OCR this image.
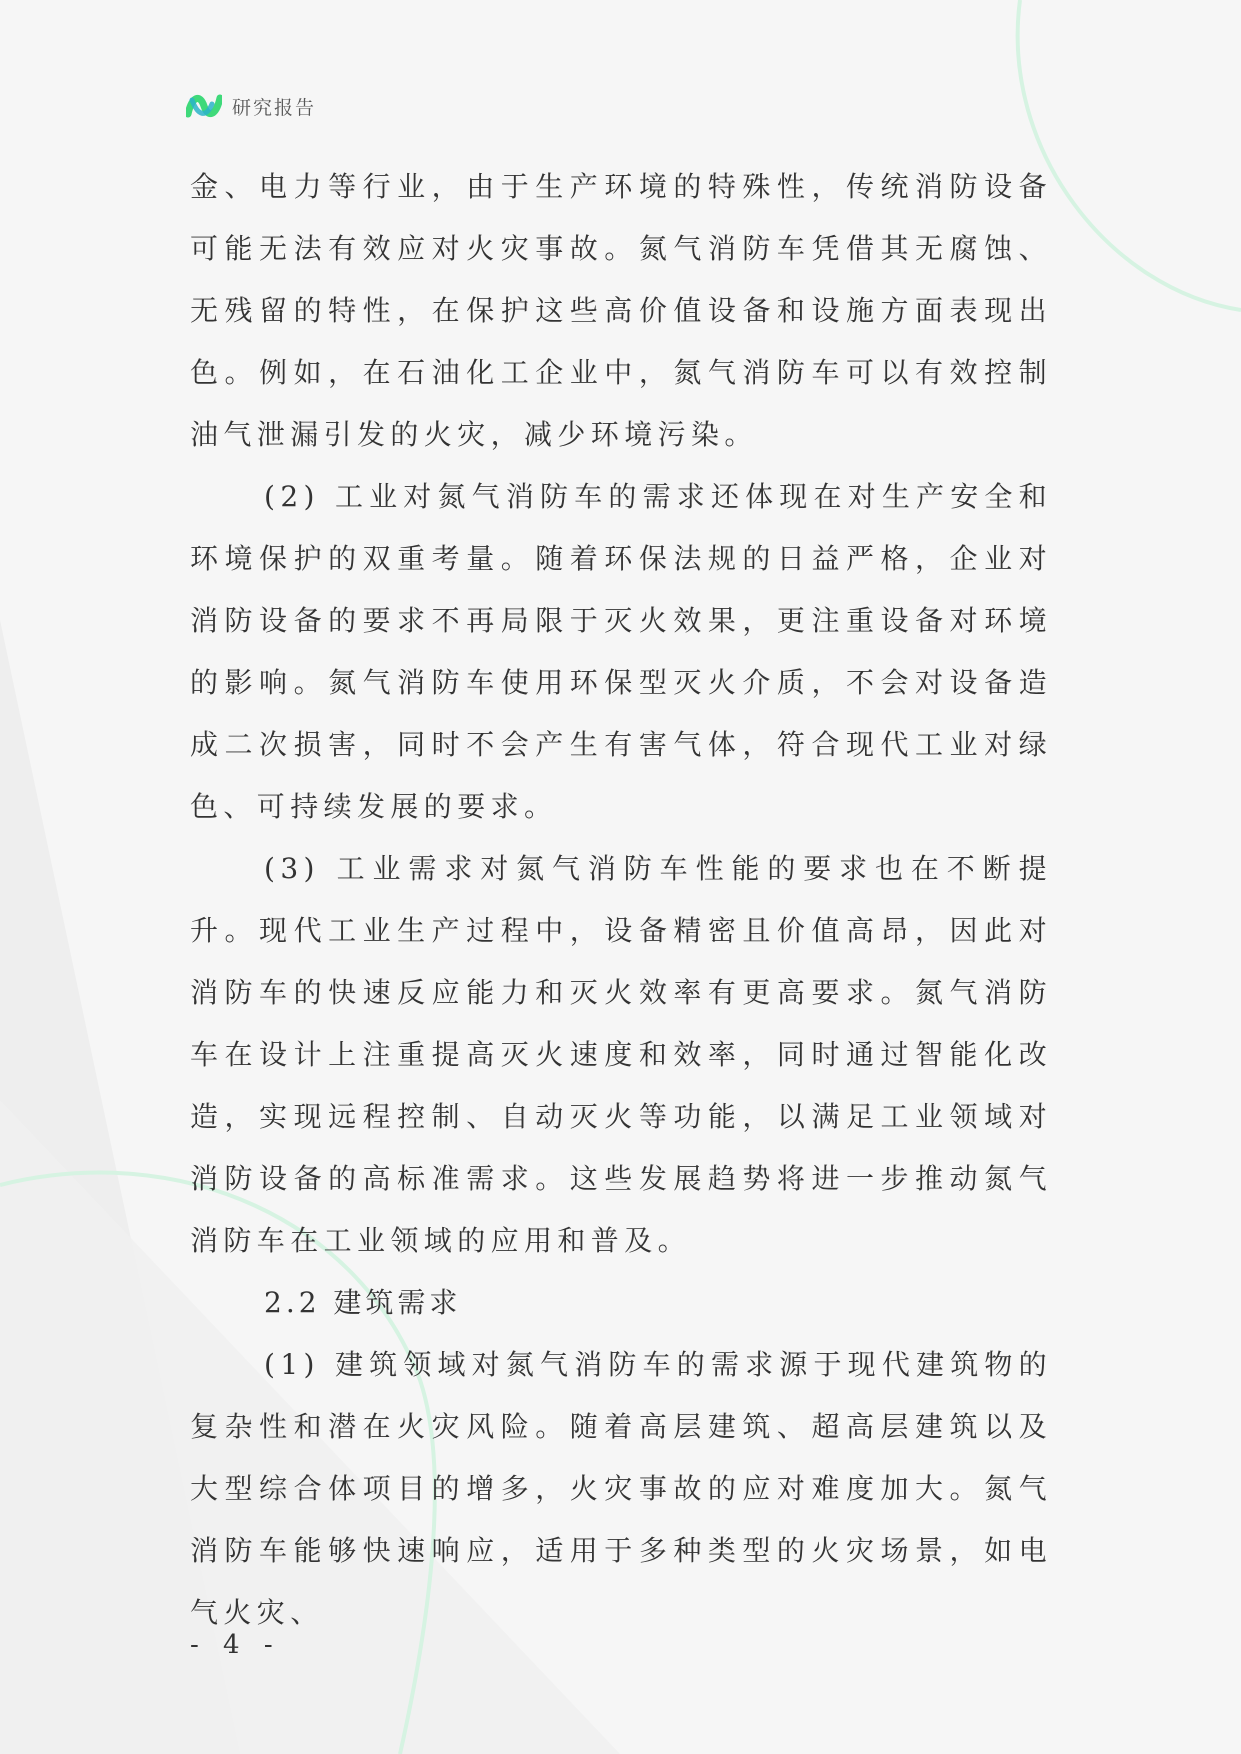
研究报告

金、电力等行业，由于生产环境的特殊性，传统消防设备可能无法有效应对火灾事故。氮气消防车凭借其无腐蚀、无残留的特性，在保护这些高价值设备和设施方面表现出色。例如，在石油化工企业中，氮气消防车可以有效控制油气泄漏引发的火灾，减少环境污染。

(2) 工业对氮气消防车的需求还体现在对生产安全和环境保护的双重考量。随着环保法规的日益严格，企业对消防设备的要求不再局限于灭火效果，更注重设备对环境的影响。氮气消防车使用环保型灭火介质，不会对设备造成二次损害，同时不会产生有害气体，符合现代工业对绿色、可持续发展的要求。

(3) 工业需求对氮气消防车性能的要求也在不断提升。现代工业生产过程中，设备精密且价值高昂，因此对消防车的快速反应能力和灭火效率有更高要求。氮气消防车在设计上注重提高灭火速度和效率，同时通过智能化改造，实现远程控制、自动灭火等功能，以满足工业领域对消防设备的高标准需求。这些发展趋势将进一步推动氮气消防车在工业领域的应用和普及。

2.2 建筑需求

(1) 建筑领域对氮气消防车的需求源于现代建筑物的复杂性和潜在火灾风险。随着高层建筑、超高层建筑以及大型综合体项目的增多，火灾事故的应对难度加大。氮气消防车能够快速响应，适用于多种类型的火灾场景，如电气火灾、

- 4 -
